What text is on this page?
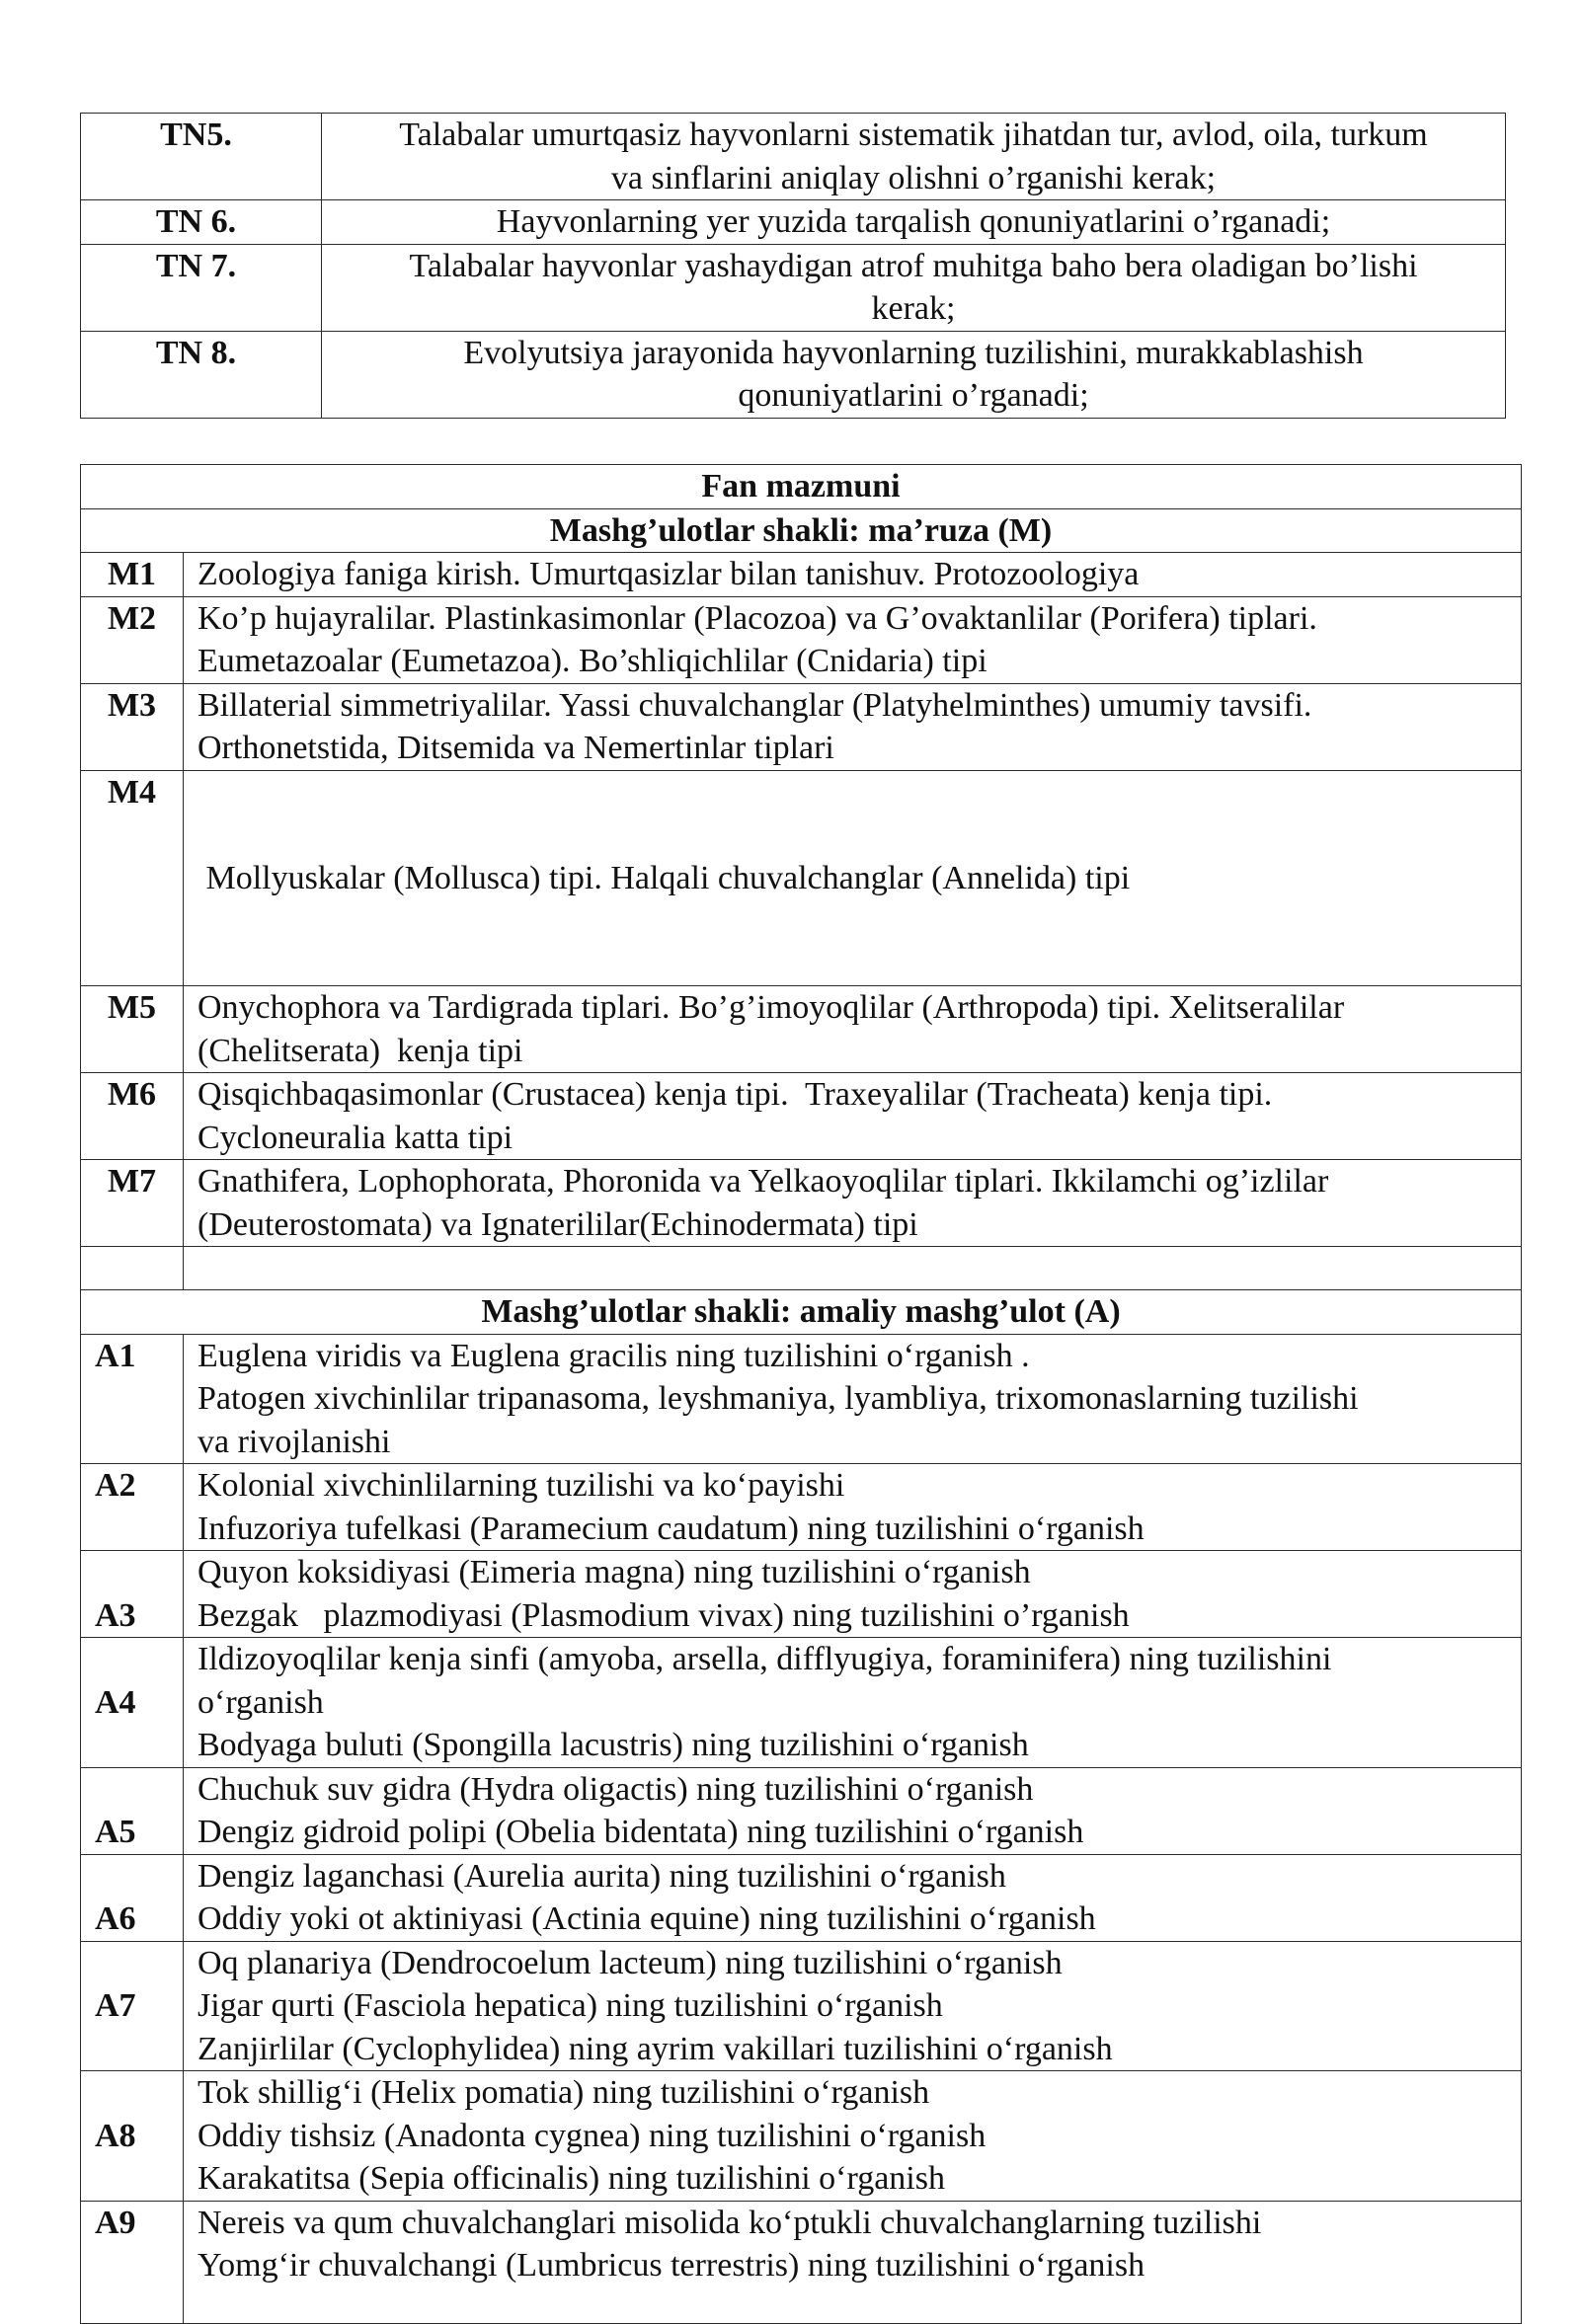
TN5.	Talabalar umurtqasiz hayvonlarni sistematik jihatdan tur, avlod, oila, turkum
va sinflarini aniqlay olishni o’rganishi kerak;

TN 6.	Hayvonlarning yer yuzida tarqalish qonuniyatlarini o’rganadi;

TN 7.	Talabalar hayvonlar yashaydigan atrof muhitga baho bera oladigan bo’lishi
kerak;

TN 8.	Evolyutsiya jarayonida hayvonlarning tuzilishini, murakkablashish
qonuniyatlarini o’rganadi;
Fan mazmuni	
Mashg’ulotlar shakli: ma’ruza (M)	
M1	Zoologiya faniga kirish. Umurtqasizlar bilan tanishuv. Protozoologiya

M2	Ko’p hujayralilar. Plastinkasimonlar (Placozoa) va G’ovaktanlilar (Porifera) tiplari.
Eumetazoalar (Eumetazoa). Bo’shliqichlilar (Cnidaria) tipi

M3	Billaterial simmetriyalilar. Yassi chuvalchanglar (Platyhelminthes) umumiy tavsifi.
Orthonetstida, Ditsemida va Nemertinlar tiplari

M4	Mollyuskalar (Mollusca) tipi. Halqali chuvalchanglar (Annelida) tipi

M5	Onychophora va Tardigrada tiplari. Bo’g’imoyoqlilar (Arthropoda) tipi. Xelitseralilar
(Chelitserata)  kenja tipi

M6	Qisqichbaqasimonlar (Crustacea) kenja tipi.  Traxeyalilar (Tracheata) kenja tipi.
Cycloneuralia katta tipi

M7	Gnathifera, Lophophorata, Phoronida va Yelkaoyoqlilar tiplari. Ikkilamchi og’izlilar
(Deuterostomata) va Ignaterililar(Echinodermata) tipi

Mashg’ulotlar shakli: amaliy mashg’ulot (A)	
A1	Euglena viridis va Euglena gracilis ning tuzilishini o‘rganish .
Patogen xivchinlilar tripanasoma, leyshmaniya, lyambliya, trixomonaslarning tuzilishi
va rivojlanishi

A2	Kolonial xivchinlilarning tuzilishi va ko‘payishi
Infuzoriya tufelkasi (Paramecium caudatum) ning tuzilishini o‘rganish

A3	Quyon koksidiyasi (Eimeria magna) ning tuzilishini o‘rganish
Bezgak   plazmodiyasi (Plasmodium vivax) ning tuzilishini o’rganish

A4	Ildizoyoqlilar kenja sinfi (amyoba, arsella, difflyugiya, foraminifera) ning tuzilishini
o‘rganish
Bodyaga buluti (Spongilla lacustris) ning tuzilishini o‘rganish

A5	Chuchuk suv gidra (Hydra oligactis) ning tuzilishini o‘rganish
Dengiz gidroid polipi (Obelia bidentata) ning tuzilishini o‘rganish

A6	Dengiz laganchasi (Aurelia aurita) ning tuzilishini o‘rganish
Oddiy yoki ot aktiniyasi (Actinia equine) ning tuzilishini o‘rganish

A7	Oq planariya (Dendrocoelum lacteum) ning tuzilishini o‘rganish
Jigar qurti (Fasciola hepatica) ning tuzilishini o‘rganish
Zanjirlilar (Cyclophylidea) ning ayrim vakillari tuzilishini o‘rganish

A8	Tok shillig‘i (Helix pomatia) ning tuzilishini o‘rganish
Oddiy tishsiz (Anadonta cygnea) ning tuzilishini o‘rganish
Karakatitsa (Sepia officinalis) ning tuzilishini o‘rganish

A9	Nereis va qum chuvalchanglari misolida ko‘ptukli chuvalchanglarning tuzilishi
Yomg‘ir chuvalchangi (Lumbricus terrestris) ning tuzilishini o‘rganish
